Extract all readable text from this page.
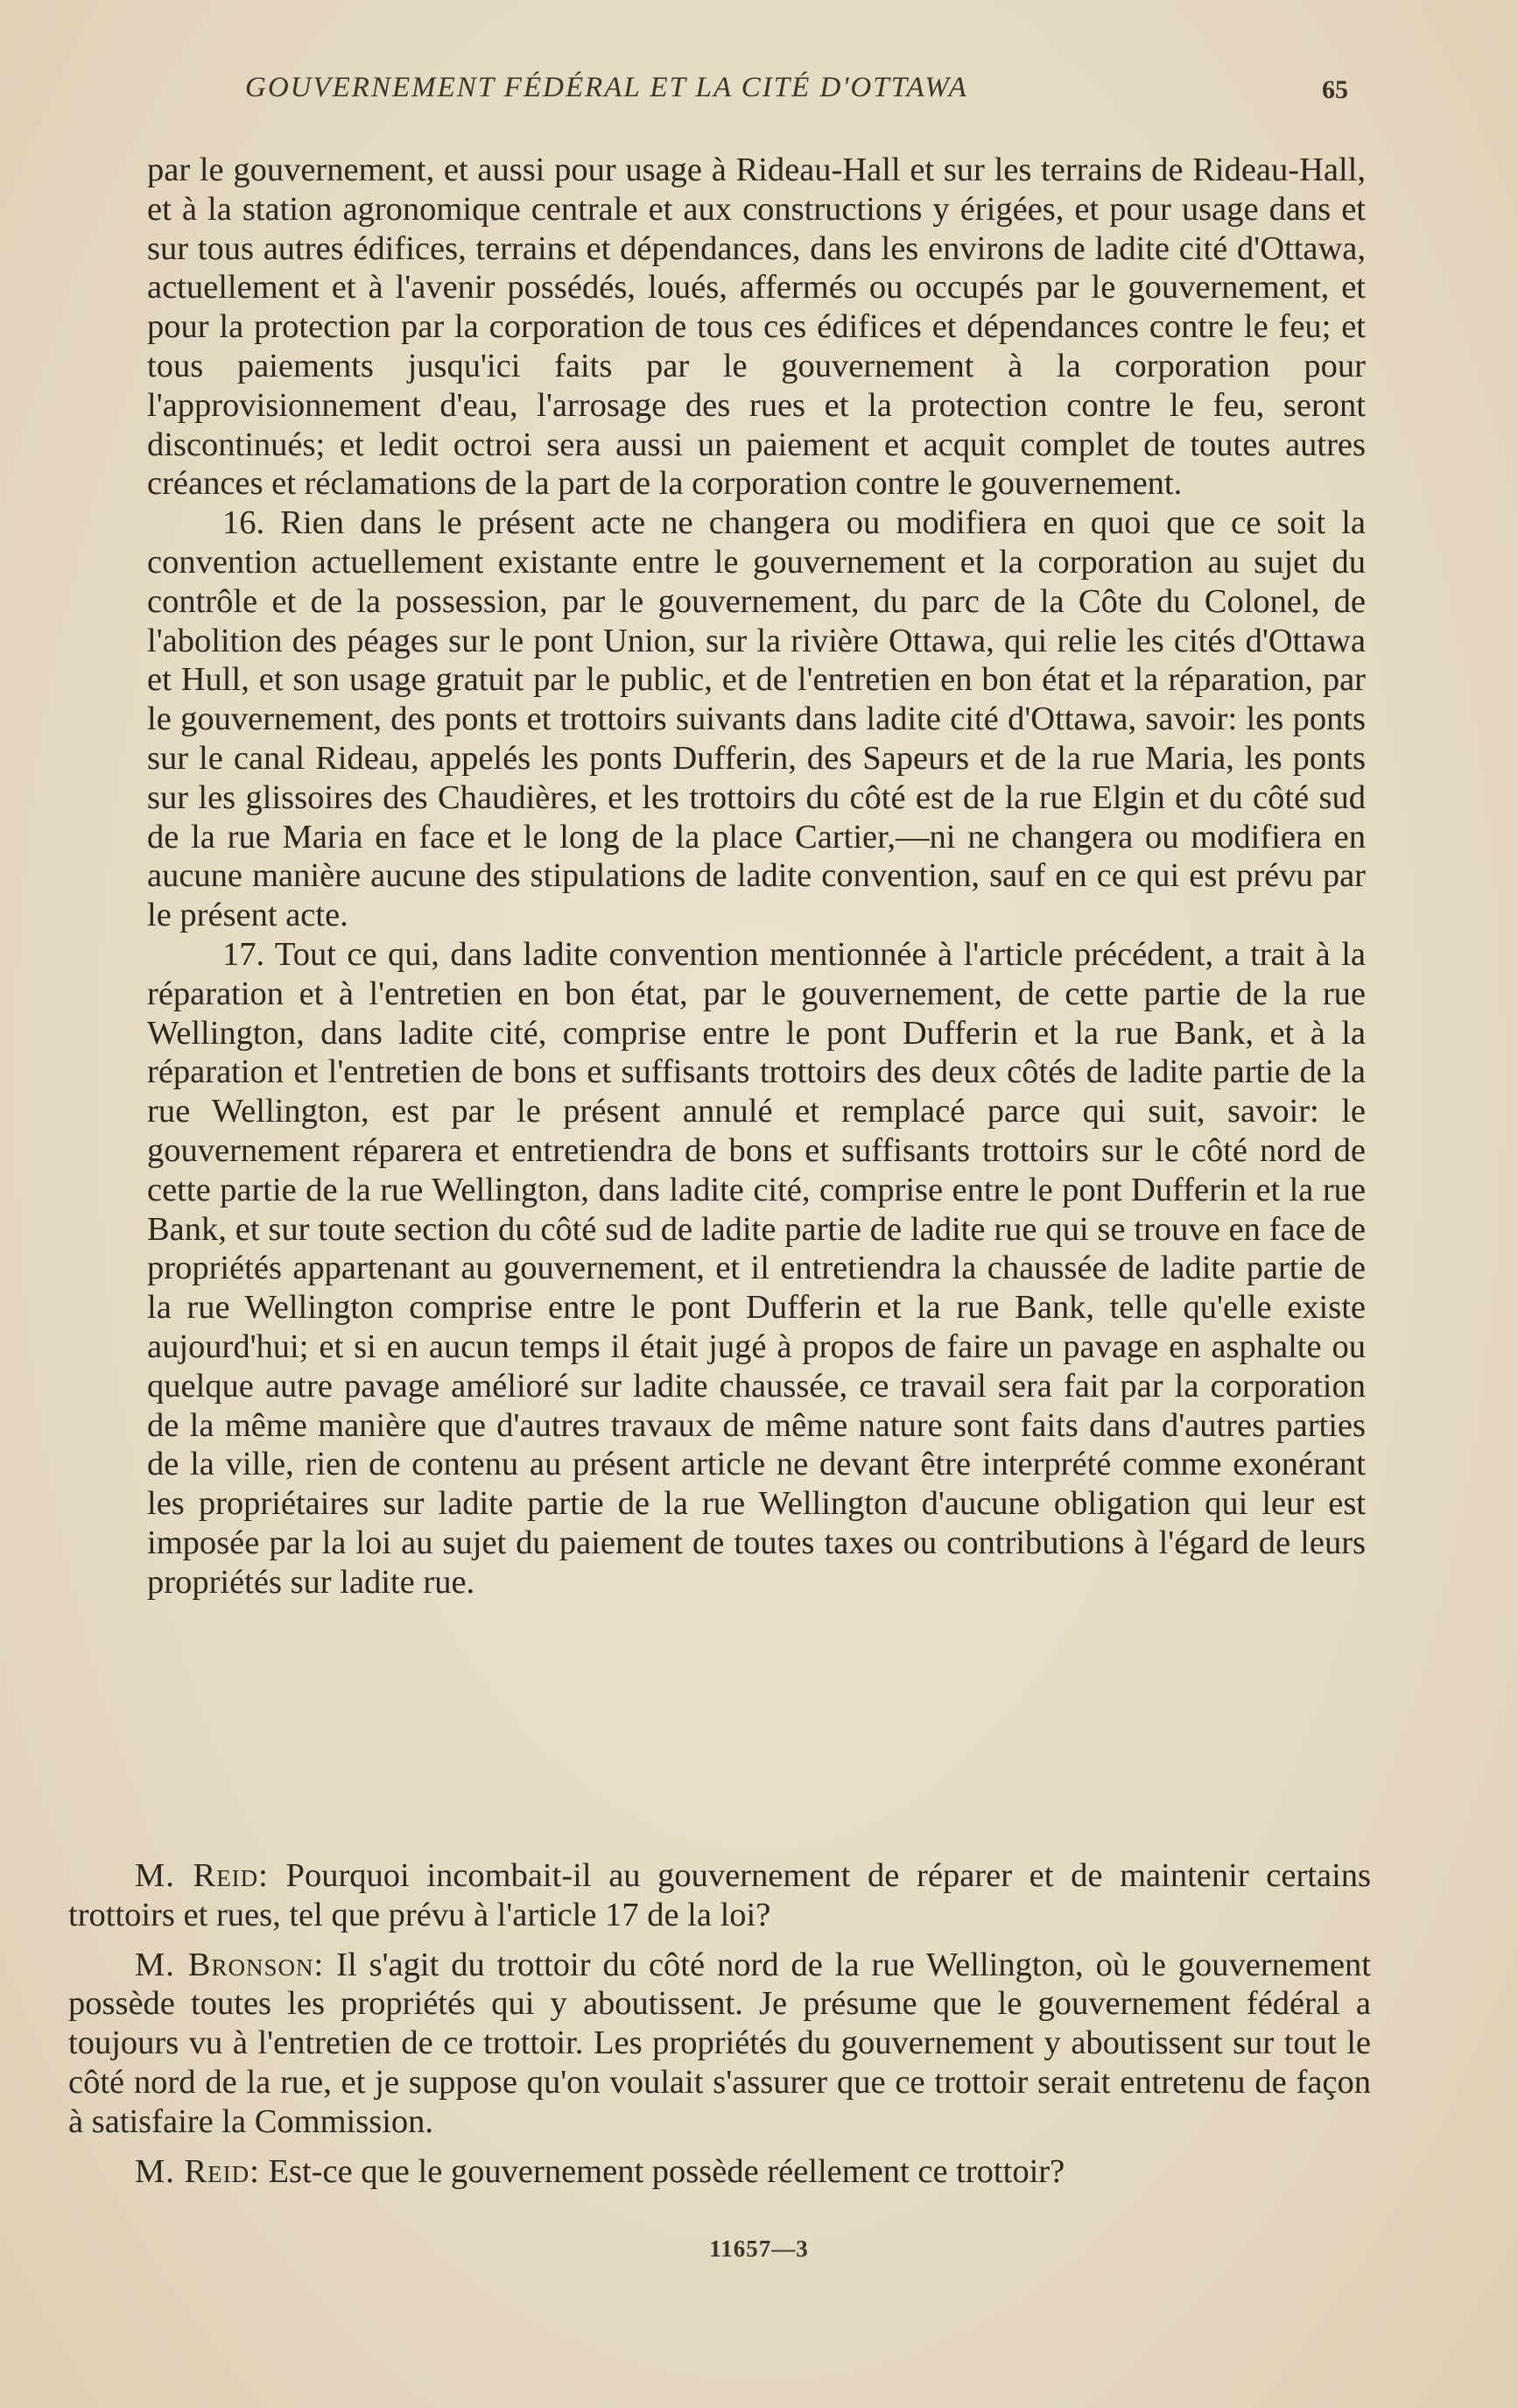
GOUVERNEMENT FÉDÉRAL ET LA CITÉ D'OTTAWA	65

par le gouvernement, et aussi pour usage à Rideau-Hall et sur les terrains de Rideau-Hall, et à la station agronomique centrale et aux constructions y érigées, et pour usage dans et sur tous autres édifices, terrains et dépendances, dans les environs de ladite cité d'Ottawa, actuellement et à l'avenir possédés, loués, affermés ou occupés par le gouvernement, et pour la protection par la corporation de tous ces édifices et dépendances contre le feu; et tous paiements jusqu'ici faits par le gouvernement à la corporation pour l'approvisionnement d'eau, l'arrosage des rues et la protection contre le feu, seront discontinués; et ledit octroi sera aussi un paiement et acquit complet de toutes autres créances et réclamations de la part de la corporation contre le gouvernement.

16. Rien dans le présent acte ne changera ou modifiera en quoi que ce soit la convention actuellement existante entre le gouvernement et la corporation au sujet du contrôle et de la possession, par le gouvernement, du parc de la Côte du Colonel, de l'abolition des péages sur le pont Union, sur la rivière Ottawa, qui relie les cités d'Ottawa et Hull, et son usage gratuit par le public, et de l'entretien en bon état et la réparation, par le gouvernement, des ponts et trottoirs suivants dans ladite cité d'Ottawa, savoir: les ponts sur le canal Rideau, appelés les ponts Dufferin, des Sapeurs et de la rue Maria, les ponts sur les glissoires des Chaudières, et les trottoirs du côté est de la rue Elgin et du côté sud de la rue Maria en face et le long de la place Cartier,—ni ne changera ou modifiera en aucune manière aucune des stipulations de ladite convention, sauf en ce qui est prévu par le présent acte.

17. Tout ce qui, dans ladite convention mentionnée à l'article précédent, a trait à la réparation et à l'entretien en bon état, par le gouvernement, de cette partie de la rue Wellington, dans ladite cité, comprise entre le pont Dufferin et la rue Bank, et à la réparation et l'entretien de bons et suffisants trottoirs des deux côtés de ladite partie de la rue Wellington, est par le présent annulé et remplacé parce qui suit, savoir: le gouvernement réparera et entretiendra de bons et suffisants trottoirs sur le côté nord de cette partie de la rue Wellington, dans ladite cité, comprise entre le pont Dufferin et la rue Bank, et sur toute section du côté sud de ladite partie de ladite rue qui se trouve en face de propriétés appartenant au gouvernement, et il entretiendra la chaussée de ladite partie de la rue Wellington comprise entre le pont Dufferin et la rue Bank, telle qu'elle existe aujourd'hui; et si en aucun temps il était jugé à propos de faire un pavage en asphalte ou quelque autre pavage amélioré sur ladite chaussée, ce travail sera fait par la corporation de la même manière que d'autres travaux de même nature sont faits dans d'autres parties de la ville, rien de contenu au présent article ne devant être interprété comme exonérant les propriétaires sur ladite partie de la rue Wellington d'aucune obligation qui leur est imposée par la loi au sujet du paiement de toutes taxes ou contributions à l'égard de leurs propriétés sur ladite rue.

M. Reid: Pourquoi incombait-il au gouvernement de réparer et de maintenir certains trottoirs et rues, tel que prévu à l'article 17 de la loi?

M. Bronson: Il s'agit du trottoir du côté nord de la rue Wellington, où le gouvernement possède toutes les propriétés qui y aboutissent. Je présume que le gouvernement fédéral a toujours vu à l'entretien de ce trottoir. Les propriétés du gouvernement y aboutissent sur tout le côté nord de la rue, et je suppose qu'on voulait s'assurer que ce trottoir serait entretenu de façon à satisfaire la Commission.

M. Reid: Est-ce que le gouvernement possède réellement ce trottoir?

11657—3
